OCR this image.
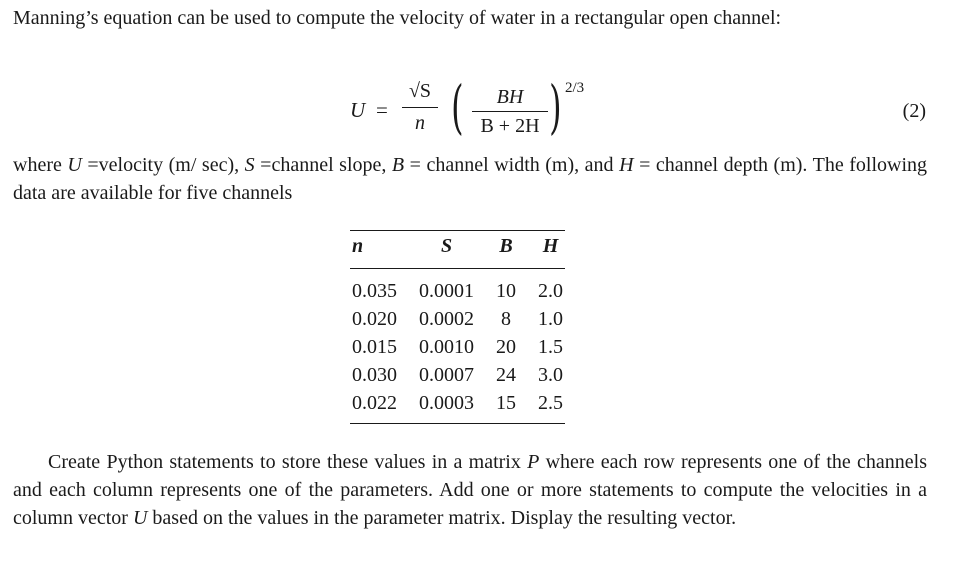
Manning’s equation can be used to compute the velocity of water in a rectangular open channel:

U =
√S
n (	BH
B + 2H ) 2/3
(2)

where U =velocity (m/ sec), S =channel slope, B = channel width (m), and H = channel depth (m). The following data are available for five channels

n	S	B	H
0.035	0.0001	10	2.0
0.020	0.0002	8	1.0
0.015	0.0010	20	1.5
0.030	0.0007	24	3.0
0.022	0.0003	15	2.5

Create Python statements to store these values in a matrix P where each row represents one of the channels and each column represents one of the parameters. Add one or more statements to compute the velocities in a column vector U based on the values in the parameter matrix. Display the resulting vector.
